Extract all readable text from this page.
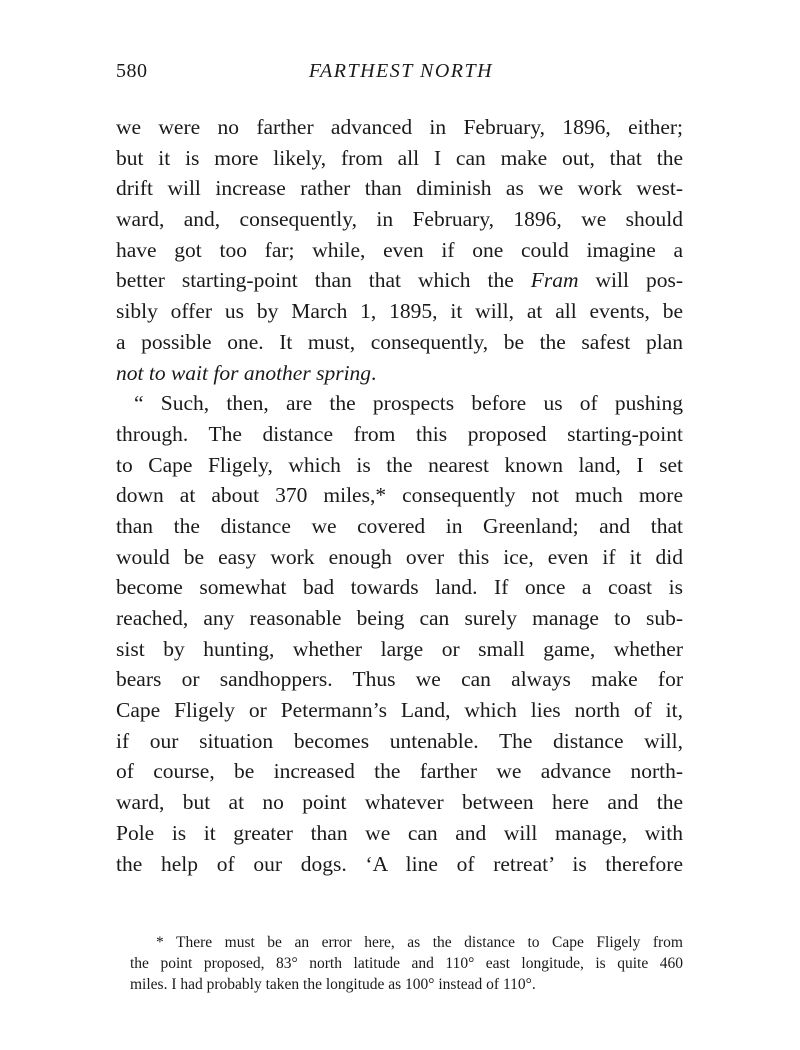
580	FARTHEST NORTH
we were no farther advanced in February, 1896, either;
but it is more likely, from all I can make out, that the
drift will increase rather than diminish as we work west-
ward, and, consequently, in February, 1896, we should
have got too far; while, even if one could imagine a
better starting-point than that which the Fram will pos-
sibly offer us by March 1, 1895, it will, at all events, be
a possible one. It must, consequently, be the safest plan
not to wait for another spring.
“ Such, then, are the prospects before us of pushing
through. The distance from this proposed starting-point
to Cape Fligely, which is the nearest known land, I set
down at about 370 miles,* consequently not much more
than the distance we covered in Greenland; and that
would be easy work enough over this ice, even if it did
become somewhat bad towards land. If once a coast is
reached, any reasonable being can surely manage to sub-
sist by hunting, whether large or small game, whether
bears or sandhoppers. Thus we can always make for
Cape Fligely or Petermann’s Land, which lies north of it,
if our situation becomes untenable. The distance will,
of course, be increased the farther we advance north-
ward, but at no point whatever between here and the
Pole is it greater than we can and will manage, with
the help of our dogs. ‘A line of retreat’ is therefore
* There must be an error here, as the distance to Cape Fligely from
the point proposed, 83° north latitude and 110° east longitude, is quite 460
miles. I had probably taken the longitude as 100° instead of 110°.
